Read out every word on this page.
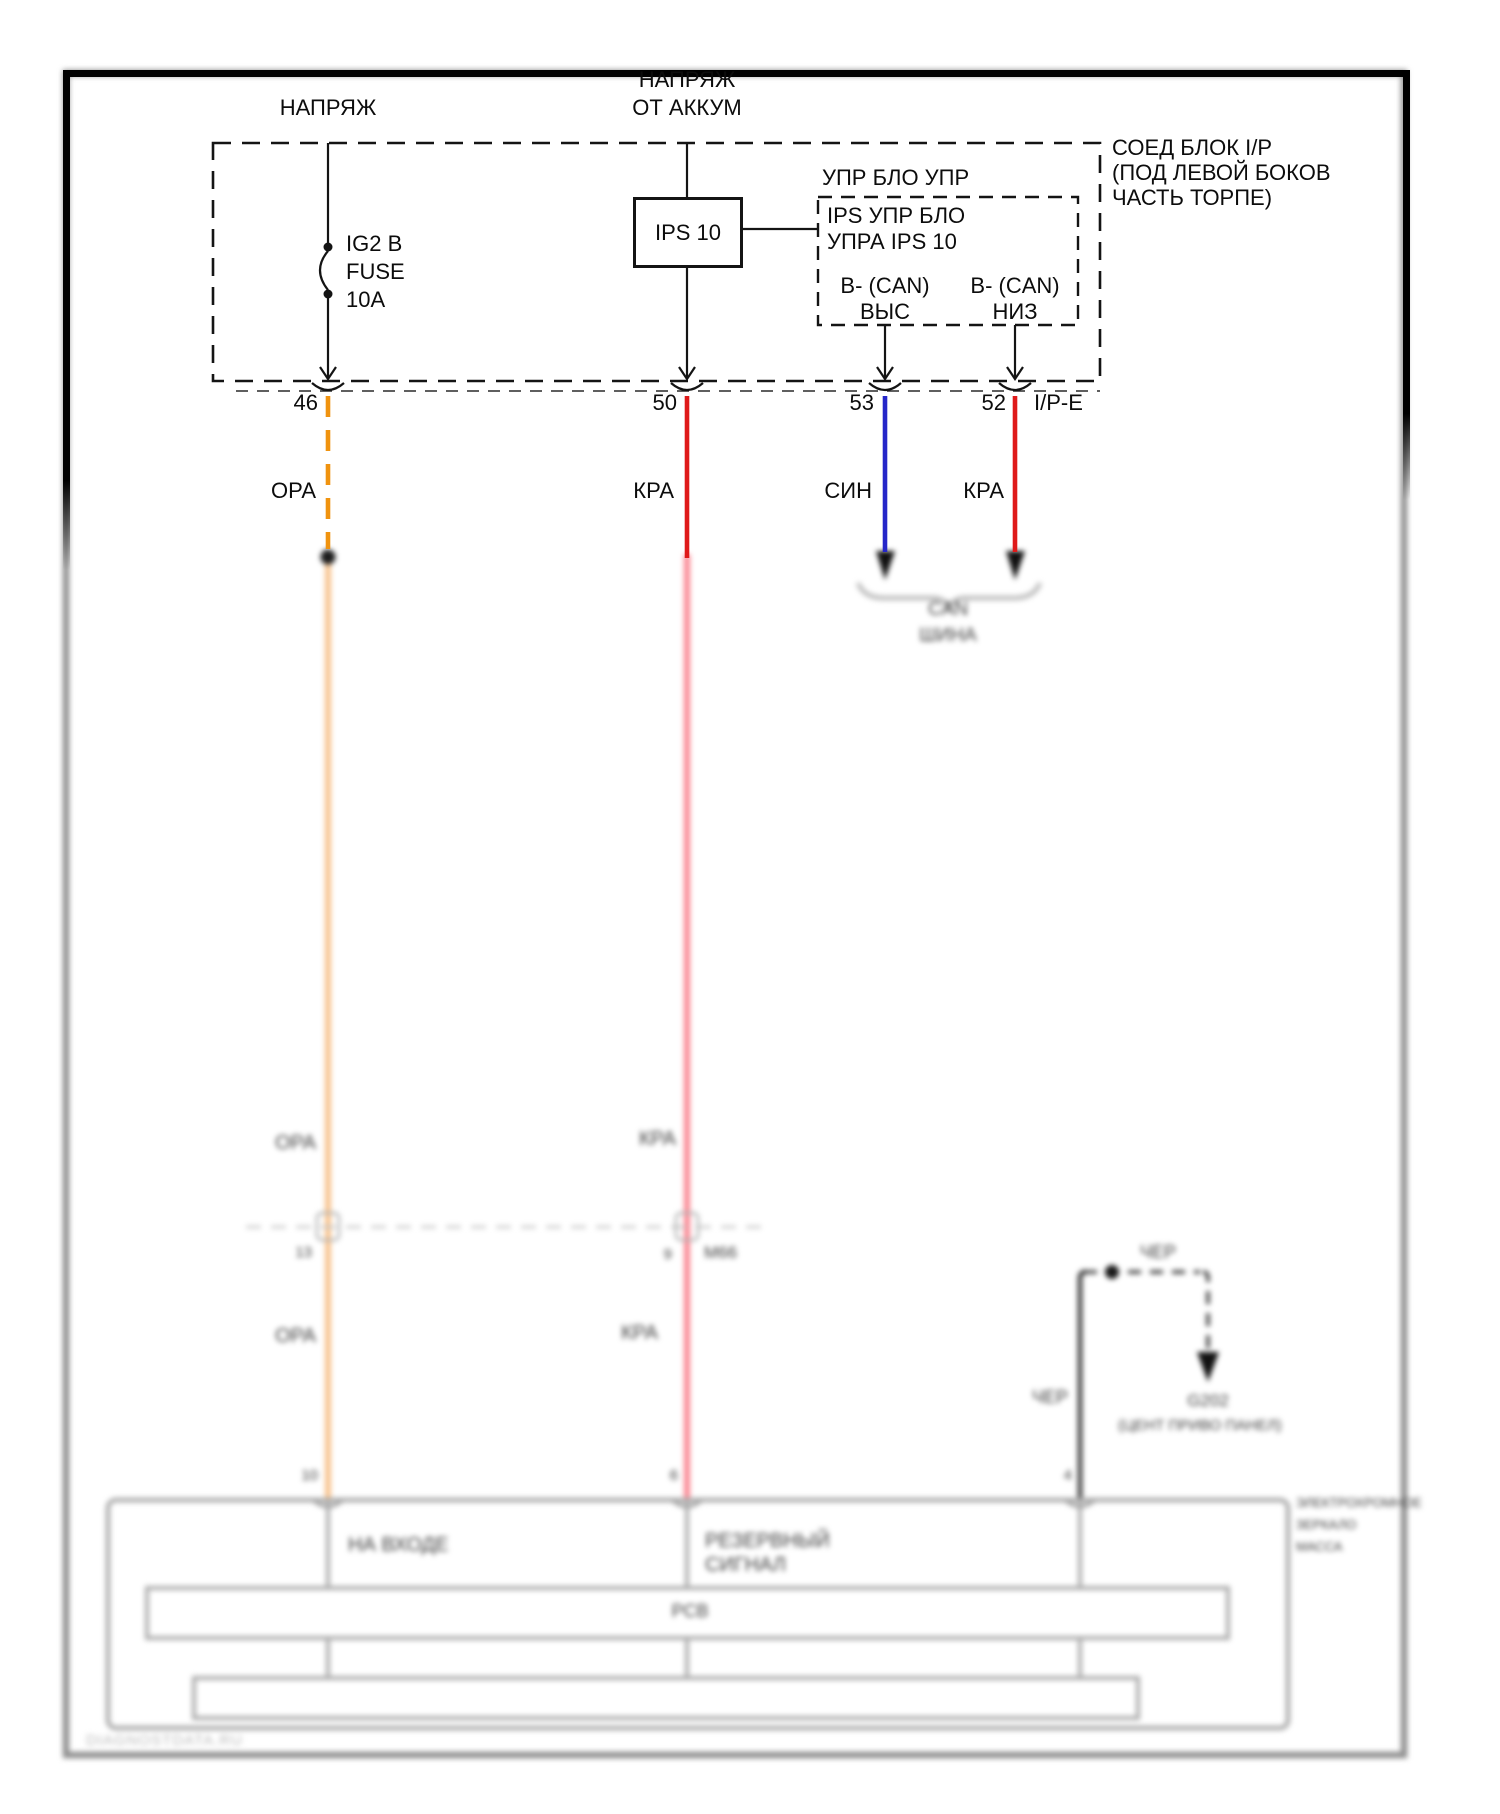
CAN
ШИНА
ОРА	КРА
13	9 М66
ОРА	КРА
ЧЕР
ЧЕР	G202
(ЦЕНТ ПРИВО ПАНЕЛ)
10	6	4
НА ВХОДЕ	РЕЗЕРВНЫЙ
СИГНАЛ
PCB
ЭЛЕКТРОХРОМНОЕ
ЗЕРКАЛО
МАССА
DIAGNOSTDATA.RU
НАПРЯЖ
НАПРЯЖ
ОТ АККУМ
СОЕД БЛОК I/P
(ПОД ЛЕВОЙ БОКОВ
ЧАСТЬ ТОРПЕ)
IG2 B
FUSE
10A
IPS 10
УПР БЛО УПР
IPS УПР БЛО
УПРА IPS 10
B- (CAN)
ВЫС
B- (CAN)
НИЗ
46	50	53	52 I/P-E
ОРА	КРА	СИН	КРА
